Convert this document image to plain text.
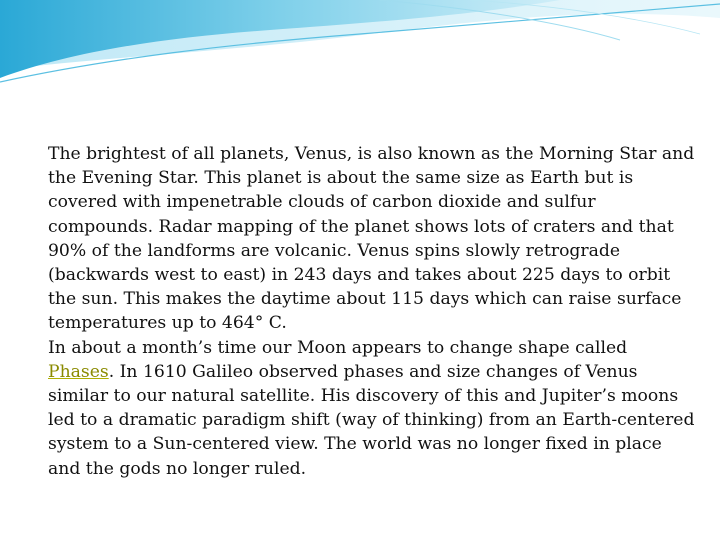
The brightest of all planets, Venus, is also known as the Morning Star and the Evening Star. This planet is about the same size as Earth but is covered with impenetrable clouds of carbon dioxide and sulfur compounds. Radar mapping of the planet shows lots of craters and that 90% of the landforms are volcanic. Venus spins slowly retrograde (backwards west to east) in 243 days and takes about 225 days to orbit the sun. This makes the daytime about 115 days which can raise surface temperatures up to 464° C.

In about a month’s time our Moon appears to change shape called Phases. In 1610 Galileo observed phases and size changes of Venus similar to our natural satellite. His discovery of this and Jupiter’s moons led to a dramatic paradigm shift (way of thinking) from an Earth-centered system to a Sun-centered view. The world was no longer fixed in place and the gods no longer ruled.
